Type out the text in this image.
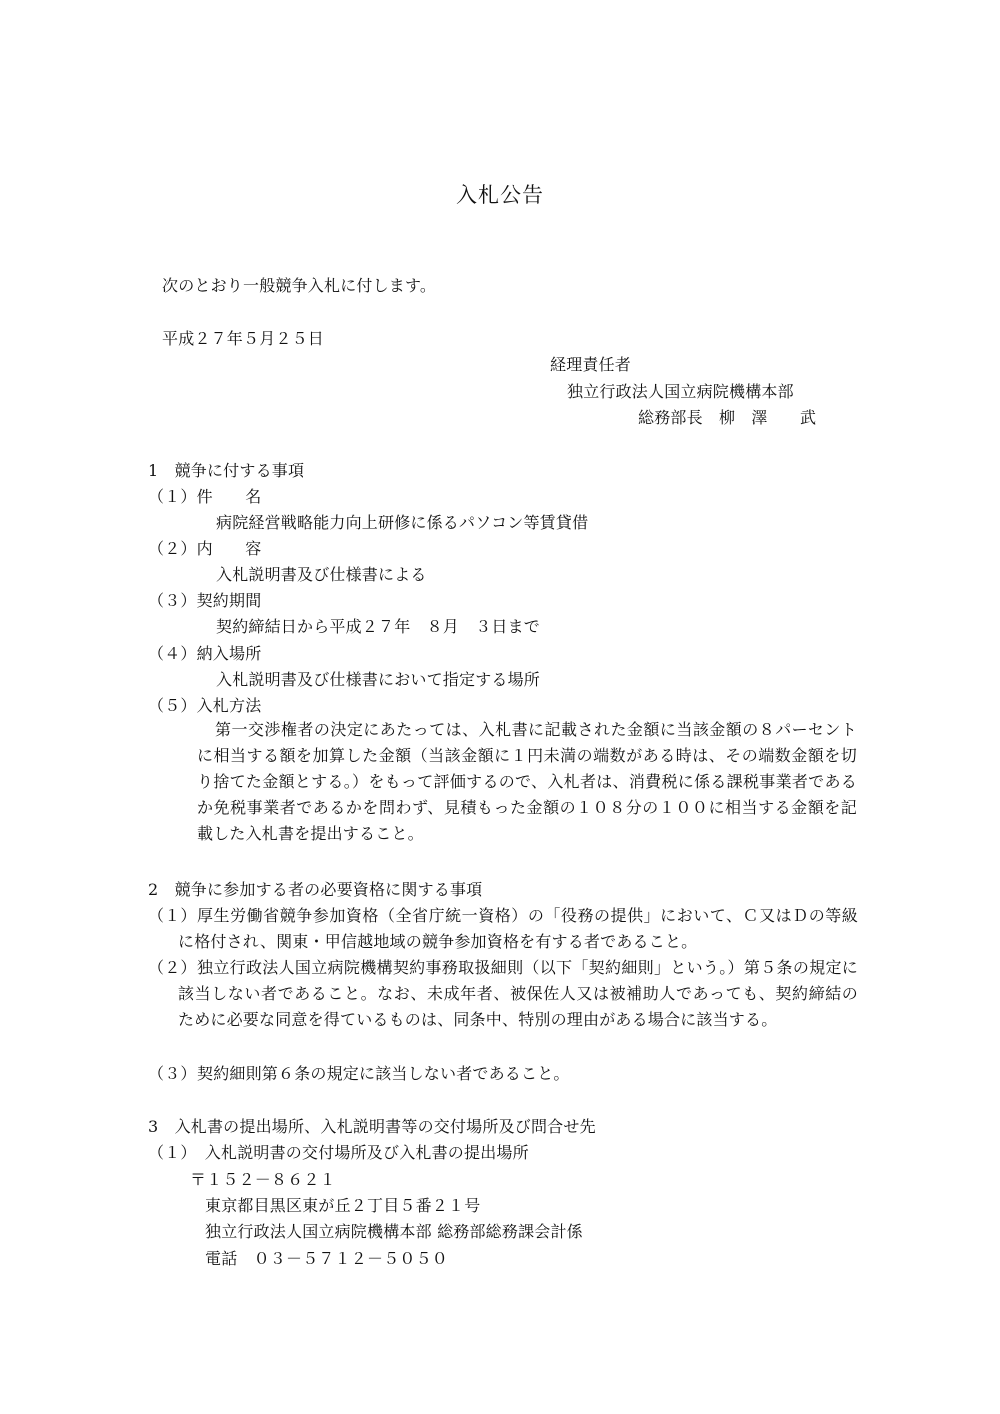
入札公告
次のとおり一般競争入札に付します。
平成２７年５月２５日
経理責任者
独立行政法人国立病院機構本部
総務部長　柳　澤　　武
1　競争に付する事項
（１）件　　名
病院経営戦略能力向上研修に係るパソコン等賃貸借
（２）内　　容
入札説明書及び仕様書による
（３）契約期間
契約締結日から平成２７年　８月　３日まで
（４）納入場所
入札説明書及び仕様書において指定する場所
（５）入札方法
第一交渉権者の決定にあたっては、入札書に記載された金額に当該金額の８パーセントに相当する額を加算した金額（当該金額に１円未満の端数がある時は、その端数金額を切り捨てた金額とする。）をもって評価するので、入札者は、消費税に係る課税事業者であるか免税事業者であるかを問わず、見積もった金額の１０８分の１００に相当する金額を記載した入札書を提出すること。
2　競争に参加する者の必要資格に関する事項
（１） 厚生労働省競争参加資格（全省庁統一資格）の「役務の提供」において、Ｃ又はＤの等級に格付され、関東・甲信越地域の競争参加資格を有する者であること。
（２） 独立行政法人国立病院機構契約事務取扱細則（以下「契約細則」という。）第５条の規定に該当しない者であること。なお、未成年者、被保佐人又は被補助人であっても、契約締結のために必要な同意を得ているものは、同条中、特別の理由がある場合に該当する。
（３） 契約細則第６条の規定に該当しない者であること。
3　入札書の提出場所、入札説明書等の交付場所及び問合せ先
（１）　入札説明書の交付場所及び入札書の提出場所
〒１５２－８６２１
東京都目黒区東が丘２丁目５番２１号
独立行政法人国立病院機構本部 総務部総務課会計係
電話　０３－５７１２－５０５０
